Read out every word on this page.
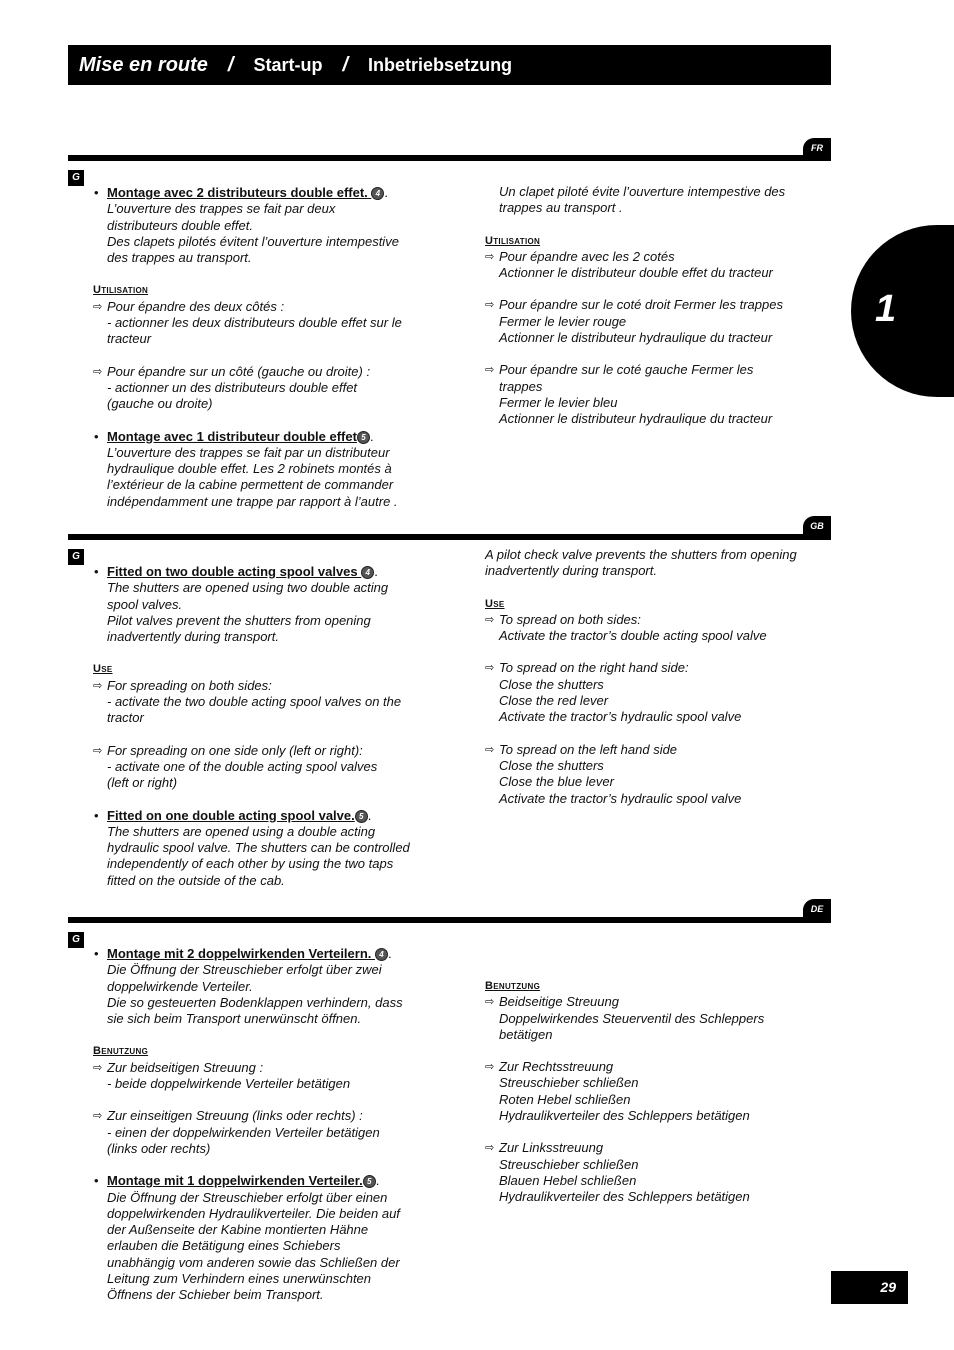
Mise en route / Start-up / Inbetriebsetzung
1
FR
G

• Montage avec 2 distributeurs double effet. 4 .

L’ouverture des trappes se fait par deux

distributeurs double effet.

Des clapets pilotés évitent l’ouverture intempestive

des trappes au transport.

Utilisation

⇨ Pour épandre des deux côtés :

- actionner les deux distributeurs double effet sur le

tracteur

⇨ Pour épandre sur un côté (gauche ou droite) :

- actionner un des distributeurs double effet

(gauche ou droite)

• Montage avec 1 distributeur double effet 5 .

L’ouverture des trappes se fait par un distributeur

hydraulique double effet. Les 2 robinets montés à

l’extérieur de la cabine permettent de commander

indépendamment une trappe par rapport à l’autre .

Un clapet piloté évite l’ouverture intempestive des

trappes au transport .

Utilisation

⇨ Pour épandre avec les 2 cotés

Actionner le distributeur double effet du tracteur

⇨ Pour épandre sur le coté droit Fermer les trappes

Fermer le levier rouge

Actionner le distributeur hydraulique du tracteur

⇨ Pour épandre sur le coté gauche Fermer les

trappes

Fermer le levier bleu

Actionner le distributeur hydraulique du tracteur

GB
G

• Fitted on two double acting spool valves 4 .

The shutters are opened using two double acting

spool valves.

Pilot valves prevent the shutters from opening

inadvertently during transport.

Use

⇨ For spreading on both sides:

- activate the two double acting spool valves on the

tractor

⇨ For spreading on one side only (left or right):

- activate one of the double acting spool valves

(left or right)

• Fitted on one double acting spool valve. 5 .

The shutters are opened using a double acting

hydraulic spool valve. The shutters can be controlled

independently of each other by using the two taps

fitted on the outside of the cab.

A pilot check valve prevents the shutters from opening

inadvertently during transport.

Use

⇨ To spread on both sides:

Activate the tractor’s double acting spool valve

⇨ To spread on the right hand side:

Close the shutters

Close the red lever

Activate the tractor’s hydraulic spool valve

⇨ To spread on the left hand side

Close the shutters

Close the blue lever

Activate the tractor’s hydraulic spool valve

DE
G

• Montage mit 2 doppelwirkenden Verteilern. 4 .

Die Öffnung der Streuschieber erfolgt über zwei

doppelwirkende Verteiler.

Die so gesteuerten Bodenklappen verhindern, dass

sie sich beim Transport unerwünscht öffnen.

Benutzung

⇨ Zur beidseitigen Streuung :

- beide doppelwirkende Verteiler betätigen

⇨ Zur einseitigen Streuung (links oder rechts) :

- einen der doppelwirkenden Verteiler betätigen

(links oder rechts)

• Montage mit 1 doppelwirkenden Verteiler. 5 .

Die Öffnung der Streuschieber erfolgt über einen

doppelwirkenden Hydraulikverteiler. Die beiden auf

der Außenseite der Kabine montierten Hähne

erlauben die Betätigung eines Schiebers

unabhängig vom anderen sowie das Schließen der

Leitung zum Verhindern eines unerwünschten

Öffnens der Schieber beim Transport.

Benutzung

⇨ Beidseitige Streuung

Doppelwirkendes Steuerventil des Schleppers

betätigen

⇨ Zur Rechtsstreuung

Streuschieber schließen

Roten Hebel schließen

Hydraulikverteiler des Schleppers betätigen

⇨ Zur Linksstreuung

Streuschieber schließen

Blauen Hebel schließen

Hydraulikverteiler des Schleppers betätigen

29
